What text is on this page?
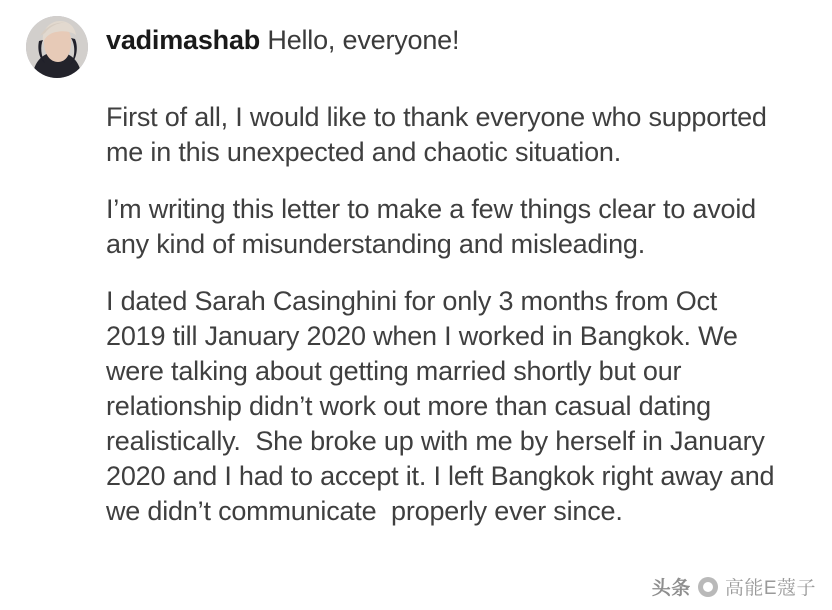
vadimashab Hello, everyone!

First of all, I would like to thank everyone who supported me in this unexpected and chaotic situation.

I’m writing this letter to make a few things clear to avoid any kind of misunderstanding and misleading.

I dated Sarah Casinghini for only 3 months from Oct 2019 till January 2020 when I worked in Bangkok. We were talking about getting married shortly but our relationship didn’t work out more than casual dating realistically.  She broke up with me by herself in January 2020 and I had to accept it. I left Bangkok right away and we didn’t communicate  properly ever since.

头条 高能E蔻子
